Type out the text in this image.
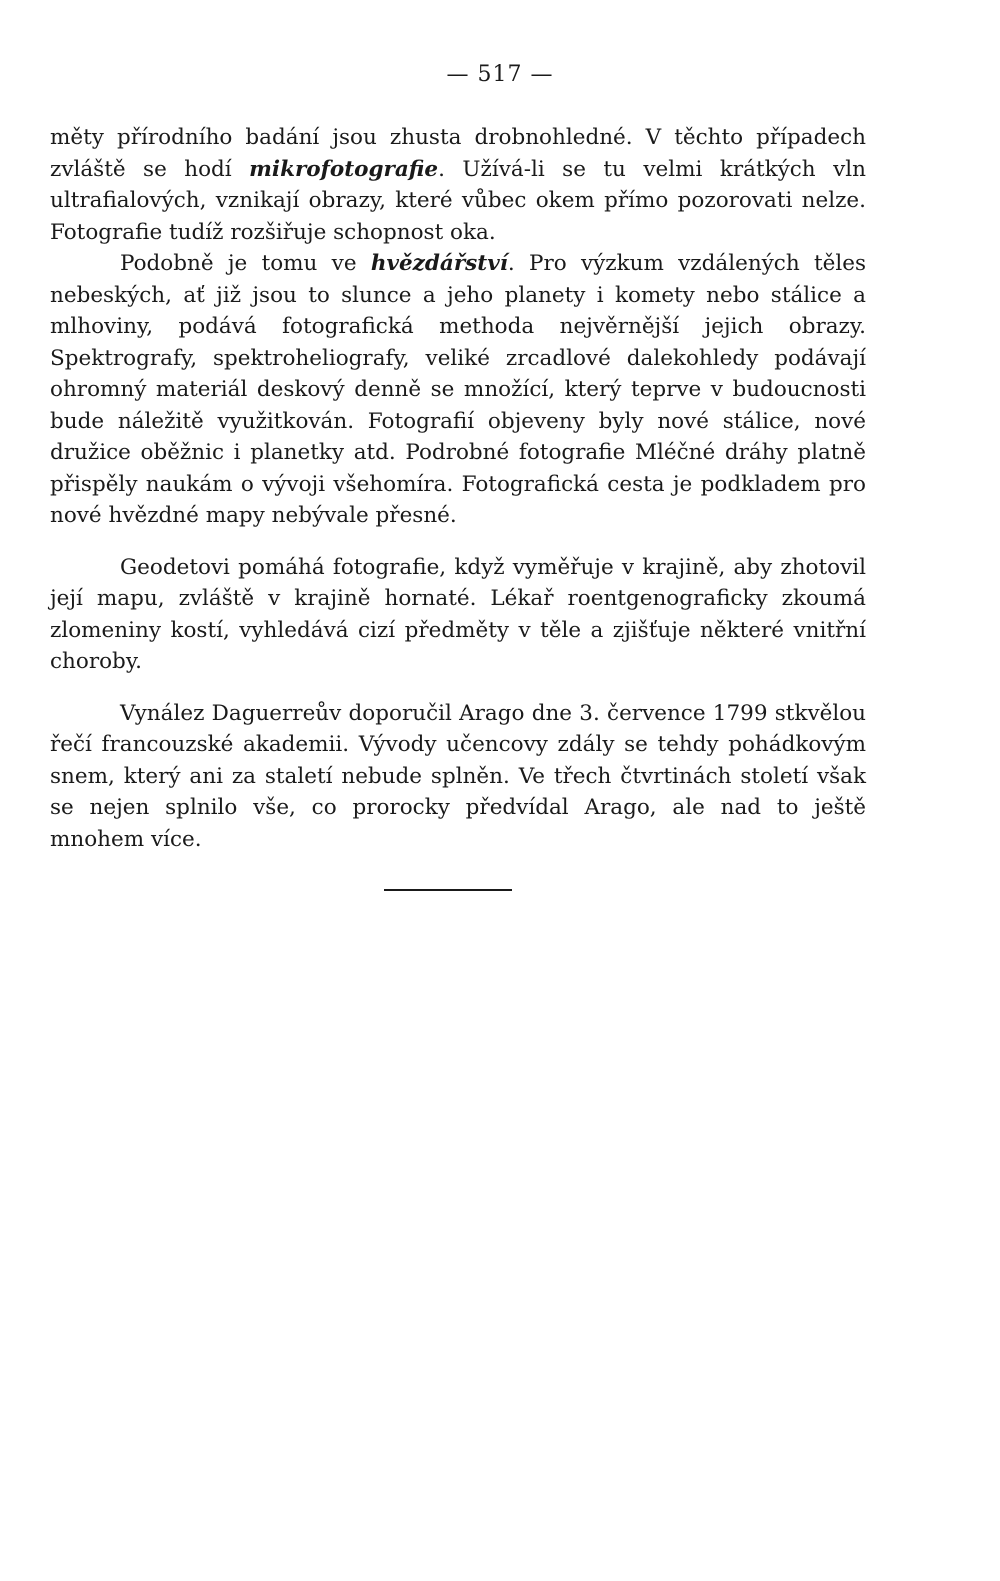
— 517 —

měty přírodního badání jsou zhusta drobnohledné. V těchto případech zvláště se hodí mikrofotografie. Užívá-li se tu velmi krátkých vln ultrafialových, vznikají obrazy, které vůbec okem přímo pozorovati nelze. Fotografie tudíž rozšiřuje schopnost oka.

Podobně je tomu ve hvězdářství. Pro výzkum vzdálených těles nebeských, ať již jsou to slunce a jeho planety i komety nebo stálice a mlhoviny, podává fotografická methoda nejvěrnější jejich obrazy. Spektrografy, spektroheliografy, veliké zrcadlové dalekohledy podávají ohromný materiál deskový denně se množící, který teprve v budoucnosti bude náležitě využitkován. Fotografií objeveny byly nové stálice, nové družice oběžnic i planetky atd. Podrobné fotografie Mléčné dráhy platně přispěly naukám o vývoji všehomíra. Fotografická cesta je podkladem pro nové hvězdné mapy nebývale přesné.

Geodetovi pomáhá fotografie, když vyměřuje v krajině, aby zhotovil její mapu, zvláště v krajině hornaté. Lékař roentgenograficky zkoumá zlomeniny kostí, vyhledává cizí předměty v těle a zjišťuje některé vnitřní choroby.

Vynález Daguerreův doporučil Arago dne 3. července 1799 stkvělou řečí francouzské akademii. Vývody učencovy zdály se tehdy pohádkovým snem, který ani za staletí nebude splněn. Ve třech čtvrtinách století však se nejen splnilo vše, co prorocky předvídal Arago, ale nad to ještě mnohem více.
